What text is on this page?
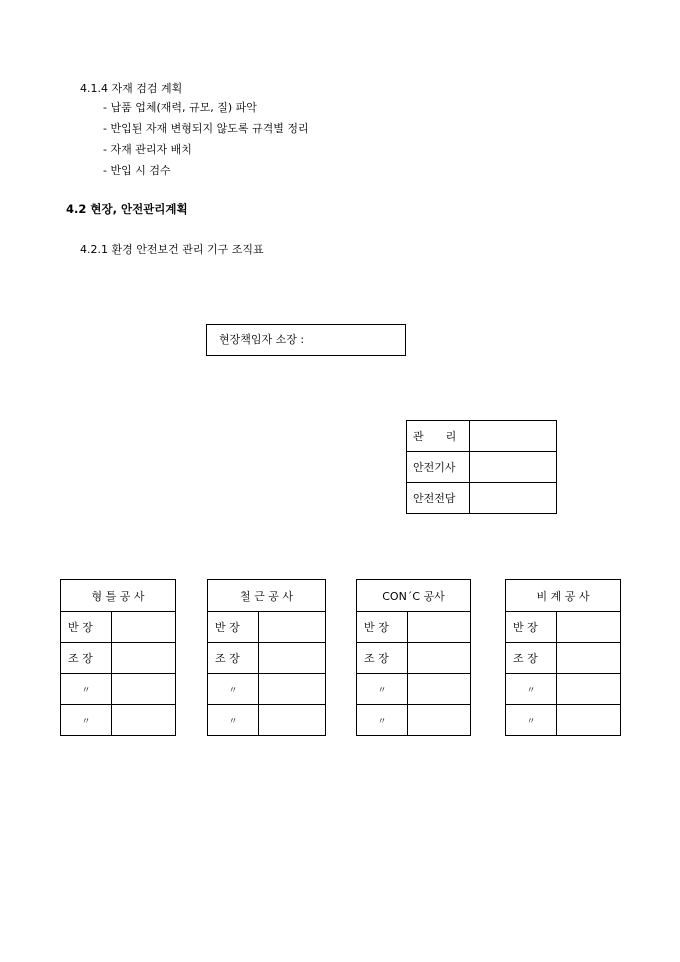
4.1.4 자재 검검 계획
- 납품 업체(재력, 규모, 질) 파악
- 반입된 자재 변형되지 않도록 규격별 정리
- 자재 관리자 배치
- 반입 시 검수
4.2 현장, 안전관리계획
4.2.1 환경 안전보건 관리 기구 조직표
현장책임자 소장 :
관　　리	
안전기사	
안전전담	
형 틀 공 사	
반 장	
조 장	
〃	
〃	
철 근 공 사	
반 장	
조 장	
〃	
〃	
CON´C 공사	
반 장	
조 장	
〃	
〃	
비 계 공 사	
반 장	
조 장	
〃	
〃	
